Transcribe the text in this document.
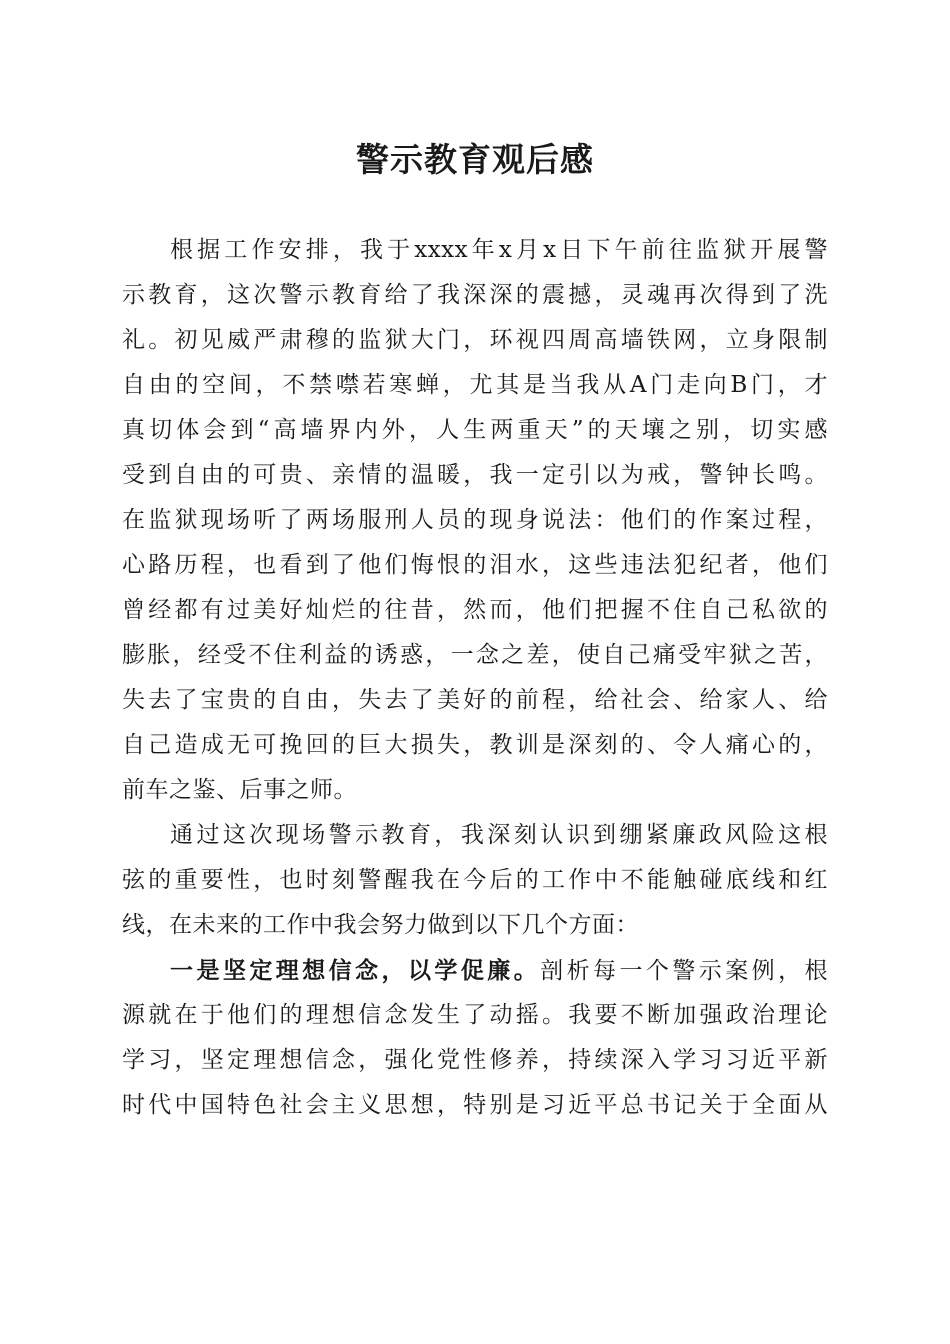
警示教育观后感
根据工作安排，我于xxxx年x月x日下午前往监狱开展警
示教育，这次警示教育给了我深深的震撼，灵魂再次得到了洗
礼。初见威严肃穆的监狱大门，环视四周高墙铁网，立身限制
自由的空间，不禁噤若寒蝉，尤其是当我从A门走向B门，才
真切体会到“高墙界内外，人生两重天”的天壤之别，切实感
受到自由的可贵、亲情的温暖，我一定引以为戒，警钟长鸣。
在监狱现场听了两场服刑人员的现身说法：他们的作案过程，
心路历程，也看到了他们悔恨的泪水，这些违法犯纪者，他们
曾经都有过美好灿烂的往昔，然而，他们把握不住自己私欲的
膨胀，经受不住利益的诱惑，一念之差，使自己痛受牢狱之苦，
失去了宝贵的自由，失去了美好的前程，给社会、给家人、给
自己造成无可挽回的巨大损失，教训是深刻的、令人痛心的，
前车之鉴、后事之师。
通过这次现场警示教育，我深刻认识到绷紧廉政风险这根
弦的重要性，也时刻警醒我在今后的工作中不能触碰底线和红
线，在未来的工作中我会努力做到以下几个方面：
一是坚定理想信念，以学促廉。剖析每一个警示案例，根
源就在于他们的理想信念发生了动摇。我要不断加强政治理论
学习，坚定理想信念，强化党性修养，持续深入学习习近平新
时代中国特色社会主义思想，特别是习近平总书记关于全面从
